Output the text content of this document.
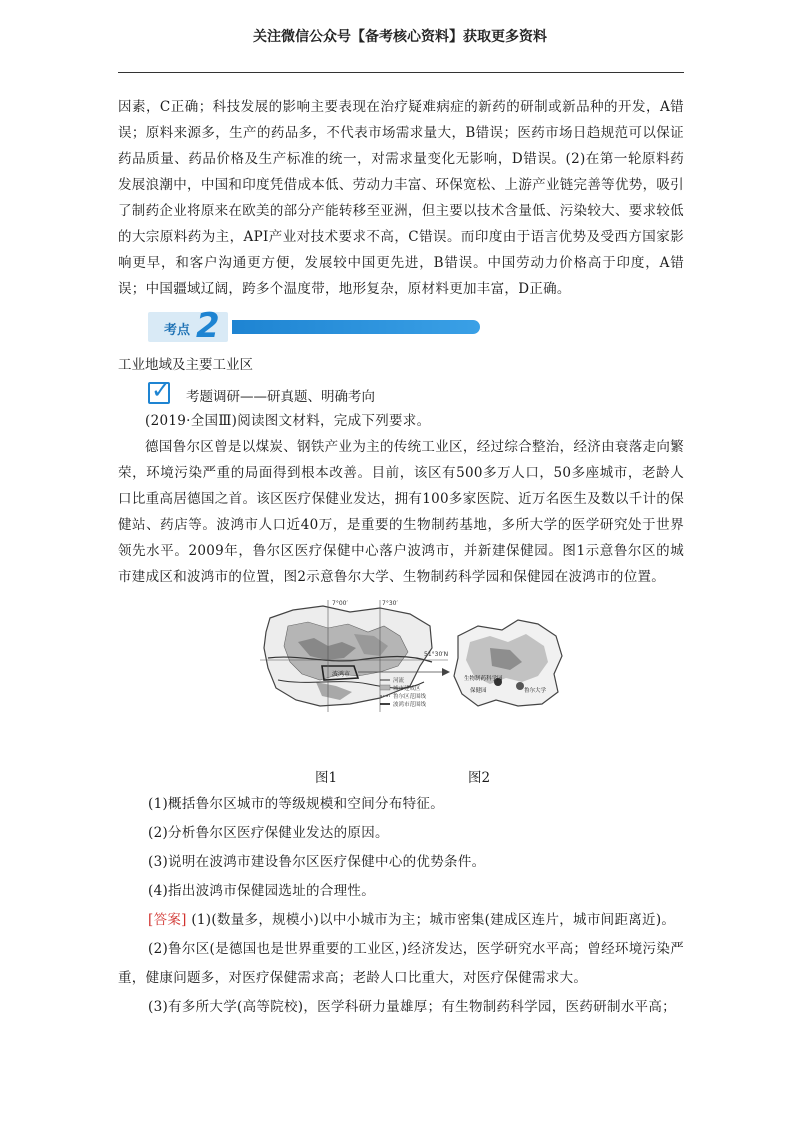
关注微信公众号【备考核心资料】获取更多资料

因素，C正确；科技发展的影响主要表现在治疗疑难病症的新药的研制或新品种的开发，A错误；原料来源多，生产的药品多，不代表市场需求量大，B错误；医药市场日趋规范可以保证药品质量、药品价格及生产标准的统一，对需求量变化无影响，D错误。(2)在第一轮原料药发展浪潮中，中国和印度凭借成本低、劳动力丰富、环保宽松、上游产业链完善等优势，吸引了制药企业将原来在欧美的部分产能转移至亚洲，但主要以技术含量低、污染较大、要求较低的大宗原料药为主，API产业对技术要求不高，C错误。而印度由于语言优势及受西方国家影响更早，和客户沟通更方便，发展较中国更先进，B错误。中国劳动力价格高于印度，A错误；中国疆域辽阔，跨多个温度带，地形复杂，原材料更加丰富，D正确。

考点 2

工业地域及主要工业区

✓ 考题调研——研真题、明确考向

(2019·全国Ⅲ)阅读图文材料，完成下列要求。

德国鲁尔区曾是以煤炭、钢铁产业为主的传统工业区，经过综合整治，经济由衰落走向繁荣，环境污染严重的局面得到根本改善。目前，该区有500多万人口，50多座城市，老龄人口比重高居德国之首。该区医疗保健业发达，拥有100多家医院、近万名医生及数以千计的保健站、药店等。波鸿市人口近40万，是重要的生物制药基地，多所大学的医学研究处于世界领先水平。2009年，鲁尔区医疗保健中心落户波鸿市，并新建保健园。图1示意鲁尔区的城市建成区和波鸿市的位置，图2示意鲁尔大学、生物制药科学园和保健园在波鸿市的位置。

7°00′	7°30′
51°30′N
波鸿市
河流
城市建成区
鲁尔区范围线
波鸿市范围线
生物制药科学园
保健园	鲁尔大学
图1	图2

(1)概括鲁尔区城市的等级规模和空间分布特征。

(2)分析鲁尔区医疗保健业发达的原因。

(3)说明在波鸿市建设鲁尔区医疗保健中心的优势条件。

(4)指出波鸿市保健园选址的合理性。

[答案] (1)(数量多，规模小)以中小城市为主；城市密集(建成区连片，城市间距离近)。

(2)鲁尔区(是德国也是世界重要的工业区，)经济发达，医学研究水平高；曾经环境污染严重，健康问题多，对医疗保健需求高；老龄人口比重大，对医疗保健需求大。

(3)有多所大学(高等院校)，医学科研力量雄厚；有生物制药科学园，医药研制水平高；
